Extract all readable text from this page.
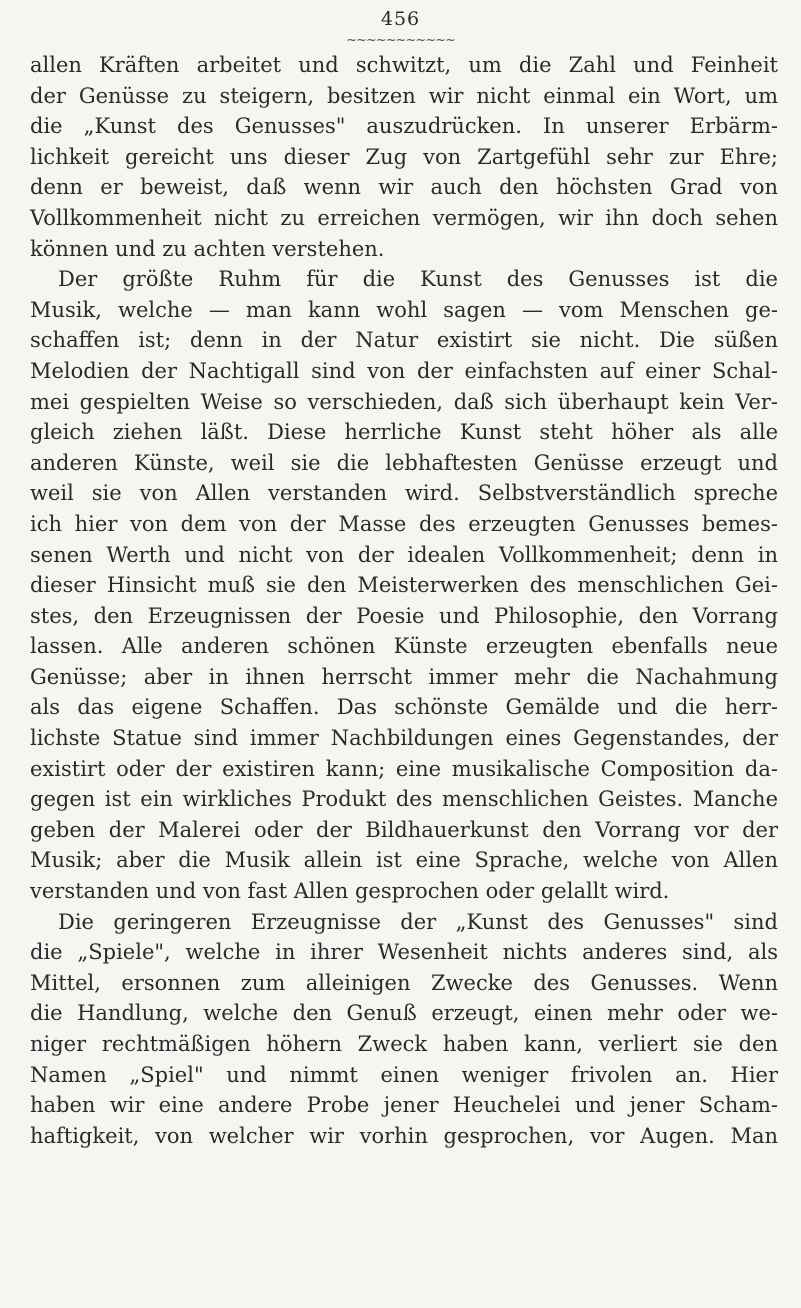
456
~~~~~~~~~~~
allen Kräften arbeitet und schwitzt, um die Zahl und Feinheit
der Genüsse zu steigern, besitzen wir nicht einmal ein Wort, um
die „Kunst des Genusses" auszudrücken. In unserer Erbärm-
lichkeit gereicht uns dieser Zug von Zartgefühl sehr zur Ehre;
denn er beweist, daß wenn wir auch den höchsten Grad von
Vollkommenheit nicht zu erreichen vermögen, wir ihn doch sehen
können und zu achten verstehen.
Der größte Ruhm für die Kunst des Genusses ist die
Musik, welche — man kann wohl sagen — vom Menschen ge-
schaffen ist; denn in der Natur existirt sie nicht. Die süßen
Melodien der Nachtigall sind von der einfachsten auf einer Schal-
mei gespielten Weise so verschieden, daß sich überhaupt kein Ver-
gleich ziehen läßt. Diese herrliche Kunst steht höher als alle
anderen Künste, weil sie die lebhaftesten Genüsse erzeugt und
weil sie von Allen verstanden wird. Selbstverständlich spreche
ich hier von dem von der Masse des erzeugten Genusses bemes-
senen Werth und nicht von der idealen Vollkommenheit; denn in
dieser Hinsicht muß sie den Meisterwerken des menschlichen Gei-
stes, den Erzeugnissen der Poesie und Philosophie, den Vorrang
lassen. Alle anderen schönen Künste erzeugten ebenfalls neue
Genüsse; aber in ihnen herrscht immer mehr die Nachahmung
als das eigene Schaffen. Das schönste Gemälde und die herr-
lichste Statue sind immer Nachbildungen eines Gegenstandes, der
existirt oder der existiren kann; eine musikalische Composition da-
gegen ist ein wirkliches Produkt des menschlichen Geistes. Manche
geben der Malerei oder der Bildhauerkunst den Vorrang vor der
Musik; aber die Musik allein ist eine Sprache, welche von Allen
verstanden und von fast Allen gesprochen oder gelallt wird.
Die geringeren Erzeugnisse der „Kunst des Genusses" sind
die „Spiele", welche in ihrer Wesenheit nichts anderes sind, als
Mittel, ersonnen zum alleinigen Zwecke des Genusses. Wenn
die Handlung, welche den Genuß erzeugt, einen mehr oder we-
niger rechtmäßigen höhern Zweck haben kann, verliert sie den
Namen „Spiel" und nimmt einen weniger frivolen an. Hier
haben wir eine andere Probe jener Heuchelei und jener Scham-
haftigkeit, von welcher wir vorhin gesprochen, vor Augen. Man
